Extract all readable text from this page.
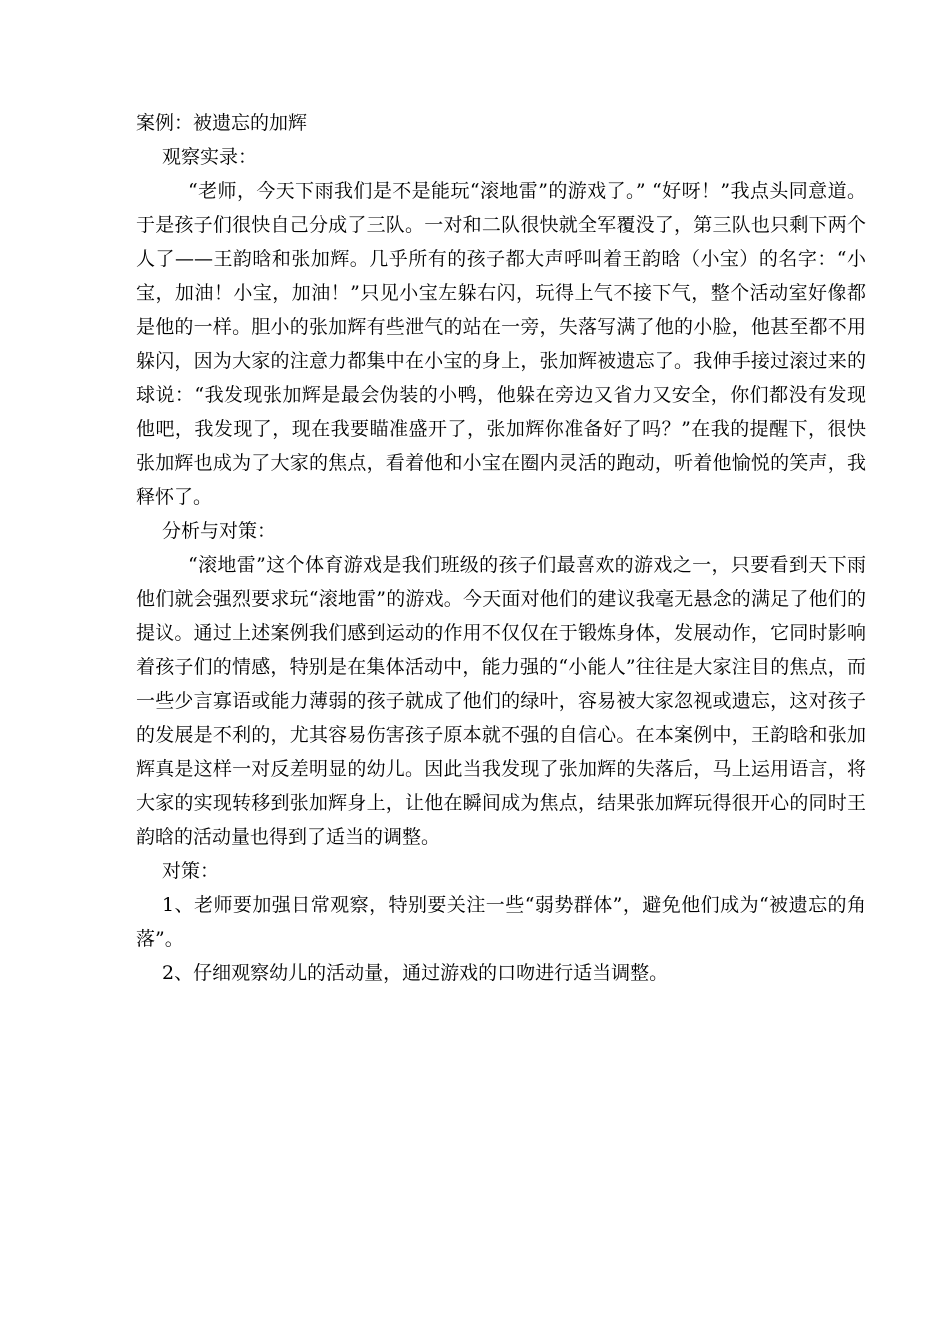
案例：被遗忘的加辉

观察实录：

“老师，今天下雨我们是不是能玩“滚地雷”的游戏了。” “好呀！”我点头同意道。于是孩子们很快自己分成了三队。一对和二队很快就全军覆没了，第三队也只剩下两个人了——王韵晗和张加辉。几乎所有的孩子都大声呼叫着王韵晗（小宝）的名字：“小宝，加油！小宝，加油！”只见小宝左躲右闪，玩得上气不接下气，整个活动室好像都是他的一样。胆小的张加辉有些泄气的站在一旁，失落写满了他的小脸，他甚至都不用躲闪，因为大家的注意力都集中在小宝的身上，张加辉被遗忘了。我伸手接过滚过来的球说：“我发现张加辉是最会伪装的小鸭，他躲在旁边又省力又安全，你们都没有发现他吧，我发现了，现在我要瞄准盛开了，张加辉你准备好了吗？”在我的提醒下，很快张加辉也成为了大家的焦点，看着他和小宝在圈内灵活的跑动，听着他愉悦的笑声，我释怀了。

分析与对策：

“滚地雷”这个体育游戏是我们班级的孩子们最喜欢的游戏之一，只要看到天下雨他们就会强烈要求玩“滚地雷”的游戏。今天面对他们的建议我毫无悬念的满足了他们的提议。通过上述案例我们感到运动的作用不仅仅在于锻炼身体，发展动作，它同时影响着孩子们的情感，特别是在集体活动中，能力强的“小能人”往往是大家注目的焦点，而一些少言寡语或能力薄弱的孩子就成了他们的绿叶，容易被大家忽视或遗忘，这对孩子的发展是不利的，尤其容易伤害孩子原本就不强的自信心。在本案例中，王韵晗和张加辉真是这样一对反差明显的幼儿。因此当我发现了张加辉的失落后，马上运用语言，将大家的实现转移到张加辉身上，让他在瞬间成为焦点，结果张加辉玩得很开心的同时王韵晗的活动量也得到了适当的调整。

对策：

1、老师要加强日常观察，特别要关注一些“弱势群体”，避免他们成为“被遗忘的角落”。

2、仔细观察幼儿的活动量，通过游戏的口吻进行适当调整。
